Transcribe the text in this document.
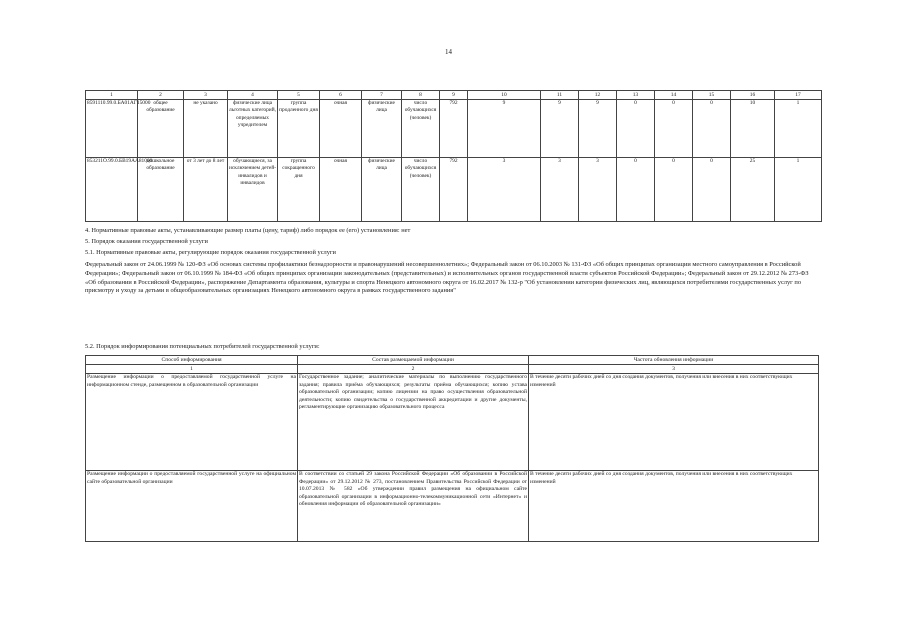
14
1	2	3	4	5	6	7	8	9	10	11	12	13	14	15	16	17
8591110.99.0.БА01АГ15000	общее образование	не указано	физические лица льготных категорий, определяемых учредителем	группа продленного дня	очная	физические лица	число обучающихся (человек)	792	9	9	9	0	0	0	10	1
853211О.99.0.БВ19АА81000	дошкольное образование	от 3 лет до 8 лет	обучающиеся, за исключением детей-инвалидов и инвалидов	группа сокращенного дня	очная	физические лица	число обучающихся (человек)	792	3	3	3	0	0	0	25	1
4. Нормативные правовые акты, устанавливающие размер платы (цену, тариф) либо порядок ее (его) установления: нет
5. Порядок оказания государственной услуги
5.1. Нормативные правовые акты, регулирующие порядок оказания государственной услуги
Федеральный закон от 24.06.1999 № 120-ФЗ «Об основах системы профилактики безнадзорности и правонарушений несовершеннолетних»; Федеральный закон от 06.10.2003 № 131-ФЗ «Об общих принципах организации местного самоуправления в Российской Федерации»; Федеральный закон от 06.10.1999 № 184-ФЗ «Об общих принципах организации законодательных (представительных) и исполнительных органов государственной власти субъектов Российской Федерации»; Федеральный закон от 29.12.2012 № 273-ФЗ «Об образовании в Российской Федерации», распоряжение Департамента образования, культуры и спорта Ненецкого автономного округа от 16.02.2017 № 132-р "Об установлении категории физических лиц, являющихся потребителями государственных услуг по присмотру и уходу за детьми в общеобразовательных организациях Ненецкого автономного округа в рамках государственного задания"
5.2. Порядок информирования потенциальных потребителей государственной услуги:
Способ информирования	Состав размещаемой информации	Частота обновления информации
1	2	3
Размещение информации о предоставляемой государственной услуге на информационном стенде, размещенном в образовательной организации	Государственное задание; аналитические материалы по выполнению государственного задания; правила приёма обучающихся; результаты приёма обучающихся; копию устава образовательной организации; копию лицензии на право осуществления образовательной деятельности; копию свидетельства о государственной аккредитации и другие документы, регламентирующие организацию образовательного процесса	В течение десяти рабочих дней со дня создания документов, получения или внесения в них соответствующих изменений
Размещение информации о предоставляемой государственной услуге на официальном сайте образовательной организации	В соответствии со статьей 29 закона Российской Федерации «Об образовании в Российской Федерации» от 29.12.2012 № 273, постановлением Правительства Российской Федерации от 10.07.2013 № 582 «Об утверждении правил размещения на официальном сайте образовательной организации в информационно-телекоммуникационной сети «Интернет» и обновления информации об образовательной организации»	В течение десяти рабочих дней со дня создания документов, получения или внесения в них соответствующих изменений
